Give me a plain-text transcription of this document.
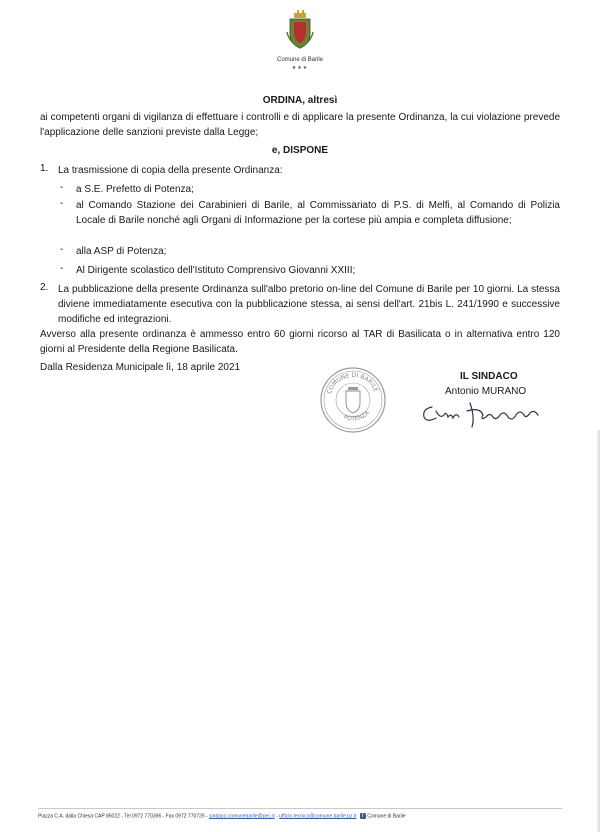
Comune di Barile
★★★
ORDINA, altresì
ai competenti organi di vigilanza di effettuare i controlli e di applicare la presente Ordinanza, la cui violazione prevede l'applicazione delle sanzioni previste dalla Legge;
e, DISPONE
1. La trasmissione di copia della presente Ordinanza:
- a S.E. Prefetto di Potenza;
- al Comando Stazione dei Carabinieri di Barile, al Commissariato di P.S. di Melfi, al Comando di Polizia Locale di Barile nonché agli Organi di Informazione per la cortese più ampia e completa diffusione;
- alla ASP di Potenza;
- Al Dirigente scolastico dell'Istituto Comprensivo Giovanni XXIII;
2. La pubblicazione della presente Ordinanza sull'albo pretorio on-line del Comune di Barile per 10 giorni. La stessa diviene immediatamente esecutiva con la pubblicazione stessa, ai sensi dell'art. 21bis L. 241/1990 e successive modifiche ed integrazioni.
Avverso alla presente ordinanza è ammesso entro 60 giorni ricorso al TAR di Basilicata o in alternativa entro 120 giorni al Presidente della Regione Basilicata.
Dalla Residenza Municipale lì, 18 aprile 2021
COMUNE DI BARILE
POTENZA
IL SINDACO
Antonio MURANO
Piazza C.A. dalla Chiesa CAP 85022 - Tel 0972 770396 - Fax 0972 770726 - sindaco.comunebarile@pec.it - ufficio.tecnico@comune.barile.pz.it f Comune di Barile
